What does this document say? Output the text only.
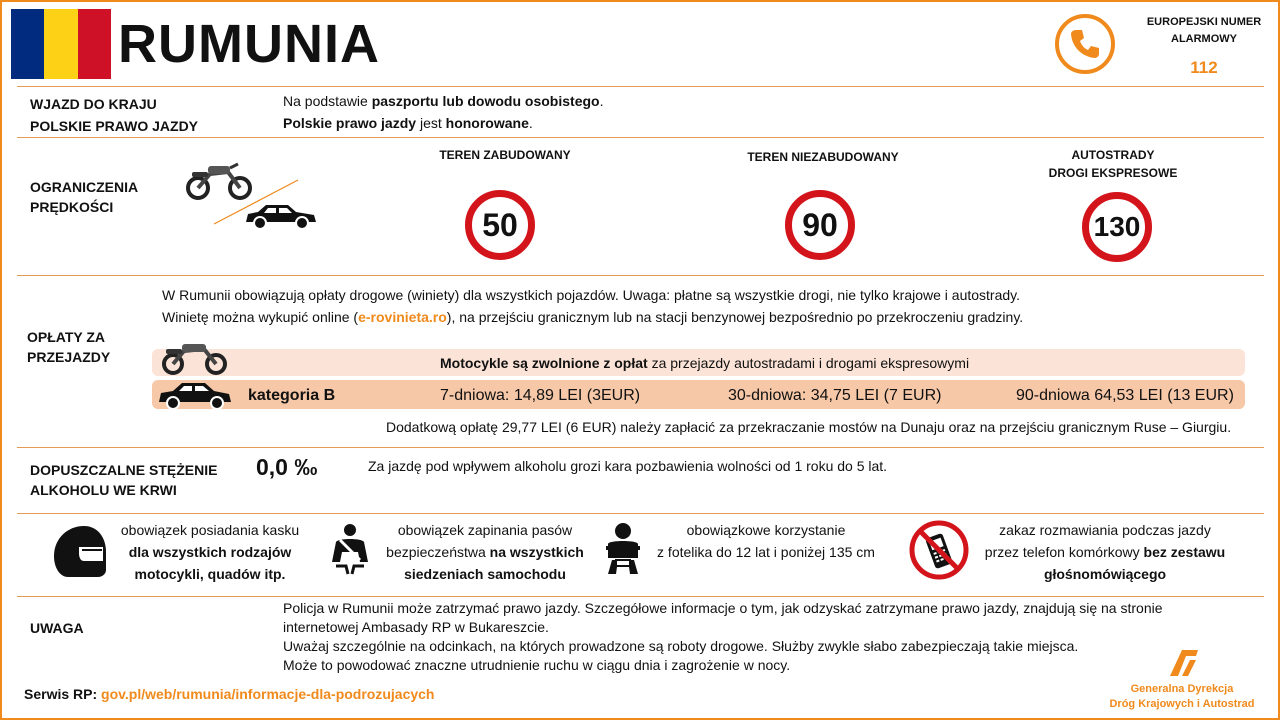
RUMUNIA	EUROPEJSKI NUMER
ALARMOWY
112
WJAZD DO KRAJU
POLSKIE PRAWO JAZDY
Na podstawie paszportu lub dowodu osobistego.
Polskie prawo jazdy jest honorowane.
OGRANICZENIA
PRĘDKOŚCI
TEREN ZABUDOWANY
50
TEREN NIEZABUDOWANY
90
AUTOSTRADY
DROGI EKSPRESOWE
130
OPŁATY ZA
PRZEJAZDY
W Rumunii obowiązują opłaty drogowe (winiety) dla wszystkich pojazdów. Uwaga: płatne są wszystkie drogi, nie tylko krajowe i autostrady.
Winietę można wykupić online (e-rovinieta.ro), na przejściu granicznym lub na stacji benzynowej bezpośrednio po przekroczeniu gradziny.
Motocykle są zwolnione z opłat za przejazdy autostradami i drogami ekspresowymi
kategoria B	7-dniowa: 14,89 LEI (3EUR)	30-dniowa: 34,75 LEI (7 EUR)	90-dniowa 64,53 LEI (13 EUR)
Dodatkową opłatę 29,77 LEI (6 EUR) należy zapłacić za przekraczanie mostów na Dunaju oraz na przejściu granicznym Ruse – Giurgiu.
DOPUSZCZALNE STĘŻENIE
ALKOHOLU WE KRWI
0,0 ‰	Za jazdę pod wpływem alkoholu grozi kara pozbawienia wolności od 1 roku do 5 lat.
obowiązek posiadania kasku
dla wszystkich rodzajów
motocykli, quadów itp.
obowiązek zapinania pasów
bezpieczeństwa na wszystkich
siedzeniach samochodu
obowiązkowe korzystanie
z fotelika do 12 lat i poniżej 135 cm
zakaz rozmawiania podczas jazdy
przez telefon komórkowy bez zestawu
głośnomówiącego
UWAGA
Policja w Rumunii może zatrzymać prawo jazdy. Szczegółowe informacje o tym, jak odzyskać zatrzymane prawo jazdy, znajdują się na stronie
internetowej Ambasady RP w Bukareszcie.
Uważaj szczególnie na odcinkach, na których prowadzone są roboty drogowe. Służby zwykle słabo zabezpieczają takie miejsca.
Może to powodować znaczne utrudnienie ruchu w ciągu dnia i zagrożenie w nocy.
Serwis RP: gov.pl/web/rumunia/informacje-dla-podrozujacych	Generalna Dyrekcja
Dróg Krajowych i Autostrad
